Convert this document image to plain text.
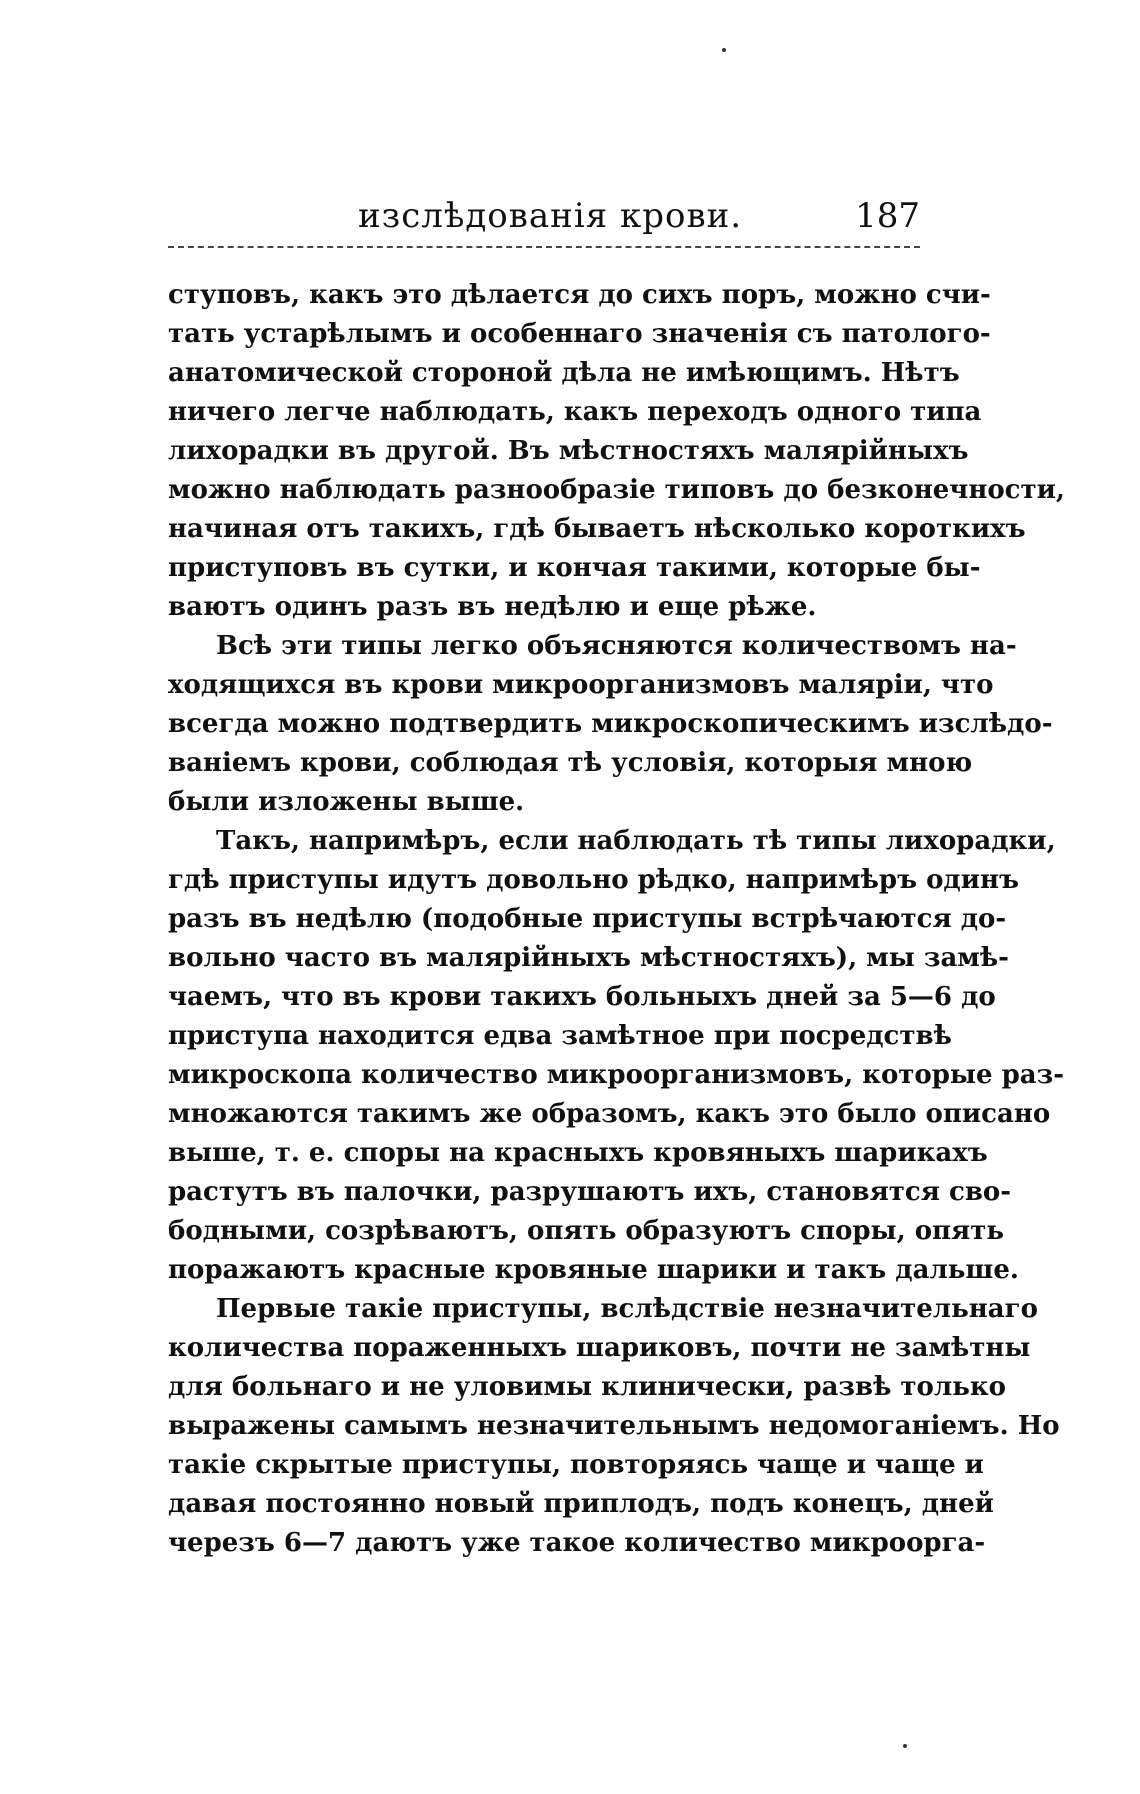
изслѣдованія крови.	187
ступовъ, какъ это дѣлается до сихъ поръ, можно счи-
тать устарѣлымъ и особеннаго значенія съ патолого-
анатомической стороной дѣла не имѣющимъ. Нѣтъ
ничего легче наблюдать, какъ переходъ одного типа
лихорадки въ другой. Въ мѣстностяхъ малярійныхъ
можно наблюдать разнообразіе типовъ до безконечности,
начиная отъ такихъ, гдѣ бываетъ нѣсколько короткихъ
приступовъ въ сутки, и кончая такими, которые бы-
ваютъ одинъ разъ въ недѣлю и еще рѣже.
Всѣ эти типы легко объясняются количествомъ на-
ходящихся въ крови микроорганизмовъ маляріи, что
всегда можно подтвердить микроскопическимъ изслѣдо-
ваніемъ крови, соблюдая тѣ условія, которыя мною
были изложены выше.
Такъ, напримѣръ, если наблюдать тѣ типы лихорадки,
гдѣ приступы идутъ довольно рѣдко, напримѣръ одинъ
разъ въ недѣлю (подобные приступы встрѣчаются до-
вольно часто въ малярійныхъ мѣстностяхъ), мы замѣ-
чаемъ, что въ крови такихъ больныхъ дней за 5—6 до
приступа находится едва замѣтное при посредствѣ
микроскопа количество микроорганизмовъ, которые раз-
множаются такимъ же образомъ, какъ это было описано
выше, т. е. споры на красныхъ кровяныхъ шарикахъ
растутъ въ палочки, разрушаютъ ихъ, становятся сво-
бодными, созрѣваютъ, опять образуютъ споры, опять
поражаютъ красные кровяные шарики и такъ дальше.
Первые такіе приступы, вслѣдствіе незначительнаго
количества пораженныхъ шариковъ, почти не замѣтны
для больнаго и не уловимы клинически, развѣ только
выражены самымъ незначительнымъ недомоганіемъ. Но
такіе скрытые приступы, повторяясь чаще и чаще и
давая постоянно новый приплодъ, подъ конецъ, дней
черезъ 6—7 даютъ уже такое количество микроорга-
